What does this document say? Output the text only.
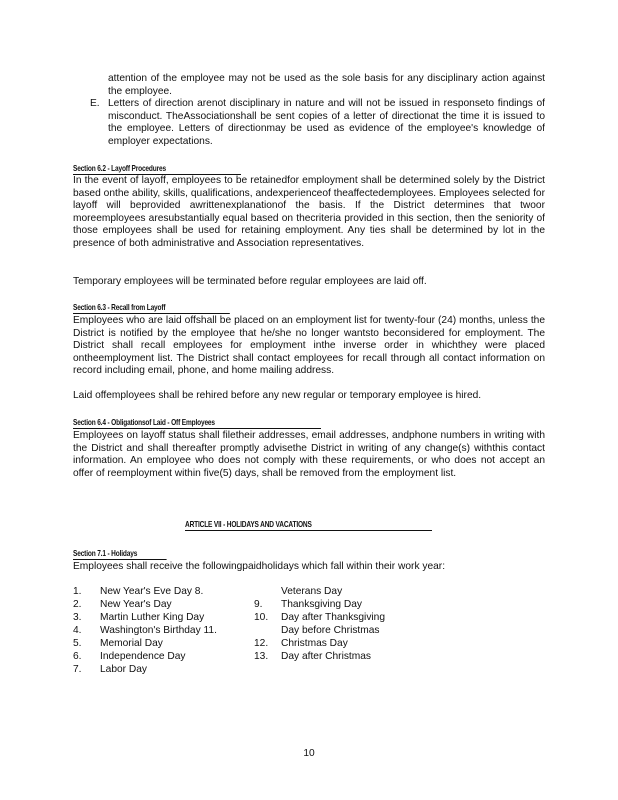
attention of the employee may not be used as the sole basis for any disciplinary action against the employee.
E. Letters of direction arenot disciplinary in nature and will not be issued in responseto findings of misconduct. TheAssociationshall be sent copies of a letter of directionat the time it is issued to the employee. Letters of directionmay be used as evidence of the employee's knowledge of employer expectations.
Section 6.2 - Layoff Procedures
In the event of layoff, employees to be retainedfor employment shall be determined solely by the District based onthe ability, skills, qualifications, andexperienceof theaffectedemployees. Employees selected for layoff will beprovided awrittenexplanationof the basis. If the District determines that twoor moreemployees aresubstantially equal based on thecriteria provided in this section, then the seniority of those employees shall be used for retaining employment. Any ties shall be determined by lot in the presence of both administrative and Association representatives.
Temporary employees will be terminated before regular employees are laid off.
Section 6.3 - Recall from Layoff
Employees who are laid offshall be placed on an employment list for twenty-four (24) months, unless the District is notified by the employee that he/she no longer wantsto beconsidered for employment. The District shall recall employees for employment inthe inverse order in whichthey were placed ontheemployment list. The District shall contact employees for recall through all contact information on record including email, phone, and home mailing address.
Laid offemployees shall be rehired before any new regular or temporary employee is hired.
Section 6.4 - Obligationsof Laid - Off Employees
Employees on layoff status shall filetheir addresses, email addresses, andphone numbers in writing with the District and shall thereafter promptly advisethe District in writing of any change(s) withthis contact information. An employee who does not comply with these requirements, or who does not accept an offer of reemployment within five(5) days, shall be removed from the employment list.
ARTICLE VII - HOLIDAYS AND VACATIONS
Section 7.1 - Holidays
Employees shall receive the followingpaidholidays which fall within their work year:
1. New Year's Eve Day 8.
2. New Year's Day
3. Martin Luther King Day
4. Washington's Birthday 11.
5. Memorial Day
6. Independence Day
7. Labor Day
Veterans Day
9. Thanksgiving Day
10. Day after Thanksgiving
Day before Christmas
12. Christmas Day
13. Day after Christmas
10
